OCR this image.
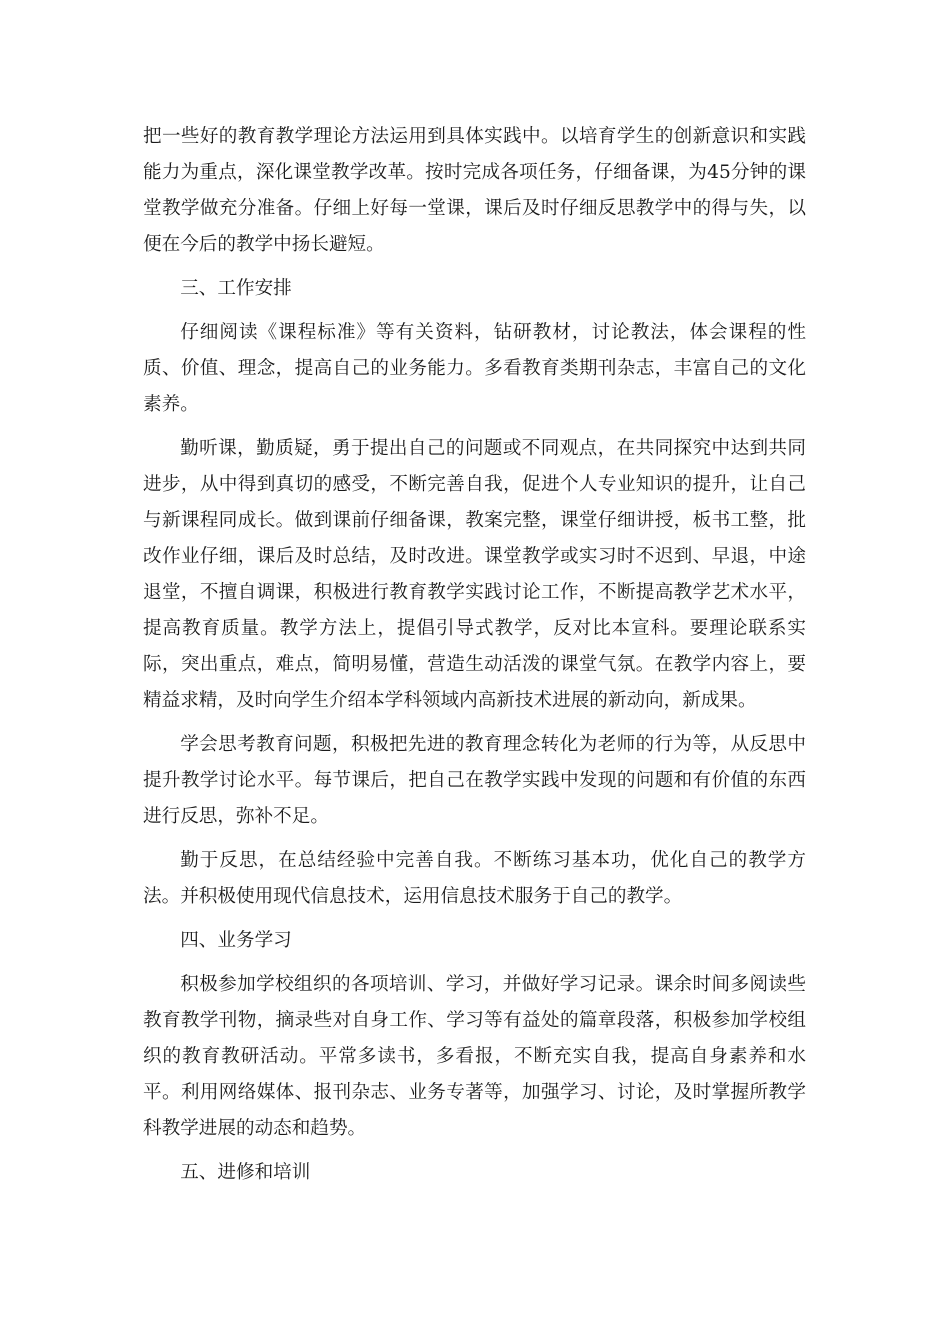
把一些好的教育教学理论方法运用到具体实践中。以培育学生的创新意识和实践能力为重点，深化课堂教学改革。按时完成各项任务，仔细备课，为45分钟的课堂教学做充分准备。仔细上好每一堂课，课后及时仔细反思教学中的得与失，以便在今后的教学中扬长避短。

三、工作安排

仔细阅读《课程标准》等有关资料，钻研教材，讨论教法，体会课程的性质、价值、理念，提高自己的业务能力。多看教育类期刊杂志，丰富自己的文化素养。

勤听课，勤质疑，勇于提出自己的问题或不同观点，在共同探究中达到共同进步，从中得到真切的感受，不断完善自我，促进个人专业知识的提升，让自己与新课程同成长。做到课前仔细备课，教案完整，课堂仔细讲授，板书工整，批改作业仔细，课后及时总结，及时改进。课堂教学或实习时不迟到、早退，中途退堂，不擅自调课，积极进行教育教学实践讨论工作，不断提高教学艺术水平，提高教育质量。教学方法上，提倡引导式教学，反对比本宣科。要理论联系实际，突出重点，难点，简明易懂，营造生动活泼的课堂气氛。在教学内容上，要精益求精，及时向学生介绍本学科领域内高新技术进展的新动向，新成果。

学会思考教育问题，积极把先进的教育理念转化为老师的行为等，从反思中提升教学讨论水平。每节课后，把自己在教学实践中发现的问题和有价值的东西进行反思，弥补不足。

勤于反思，在总结经验中完善自我。不断练习基本功，优化自己的教学方法。并积极使用现代信息技术，运用信息技术服务于自己的教学。

四、业务学习

积极参加学校组织的各项培训、学习，并做好学习记录。课余时间多阅读些教育教学刊物，摘录些对自身工作、学习等有益处的篇章段落，积极参加学校组织的教育教研活动。平常多读书，多看报，不断充实自我，提高自身素养和水平。利用网络媒体、报刊杂志、业务专著等，加强学习、讨论，及时掌握所教学科教学进展的动态和趋势。

五、进修和培训
